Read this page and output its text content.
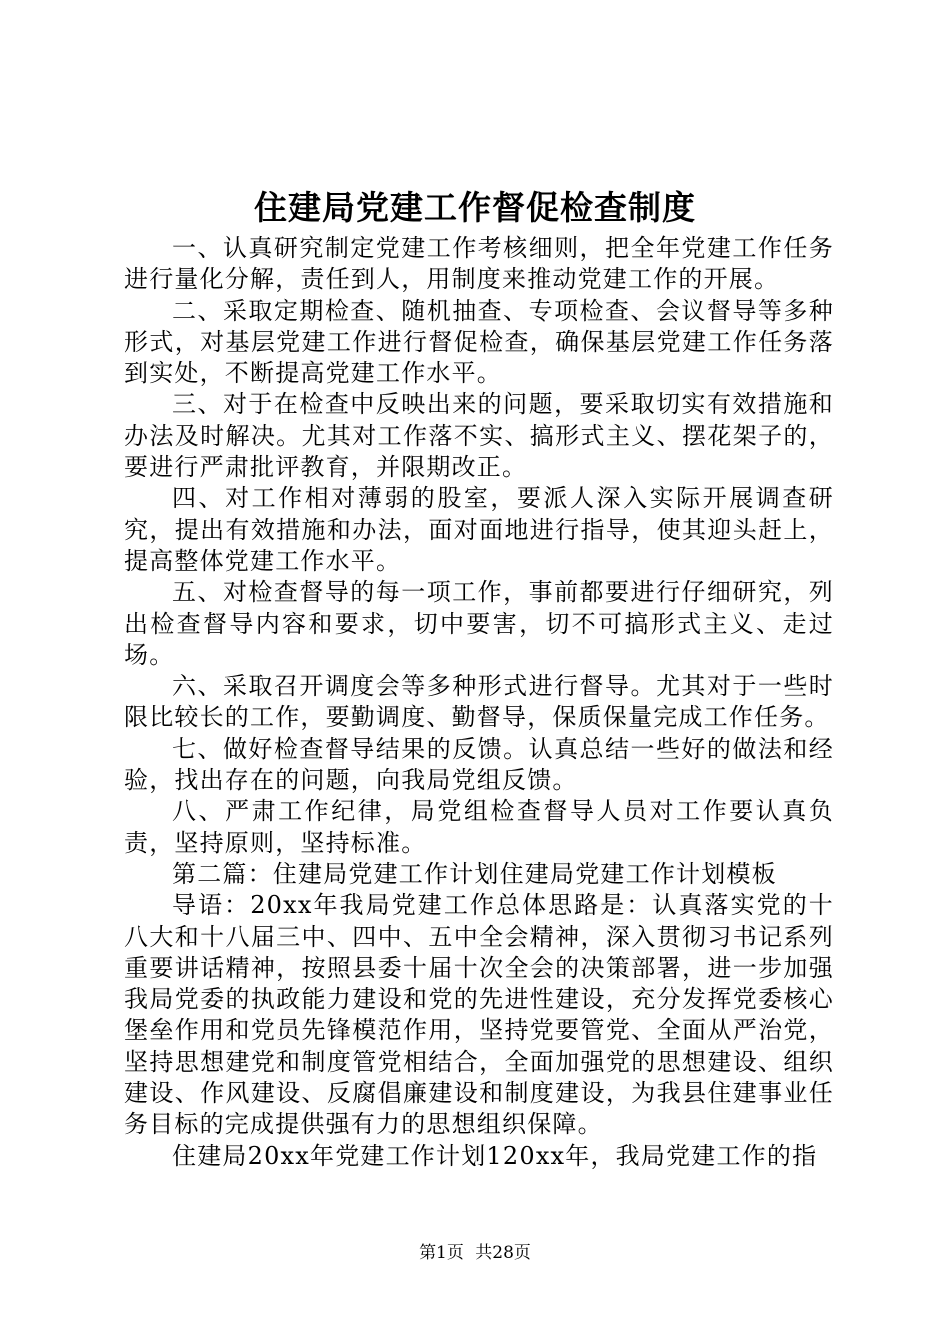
住建局党建工作督促检查制度

一、认真研究制定党建工作考核细则，把全年党建工作任务进行量化分解，责任到人，用制度来推动党建工作的开展。

二、采取定期检查、随机抽查、专项检查、会议督导等多种形式，对基层党建工作进行督促检查，确保基层党建工作任务落到实处，不断提高党建工作水平。

三、对于在检查中反映出来的问题，要采取切实有效措施和办法及时解决。尤其对工作落不实、搞形式主义、摆花架子的，要进行严肃批评教育，并限期改正。

四、对工作相对薄弱的股室，要派人深入实际开展调查研究，提出有效措施和办法，面对面地进行指导，使其迎头赶上，提高整体党建工作水平。

五、对检查督导的每一项工作，事前都要进行仔细研究，列出检查督导内容和要求，切中要害，切不可搞形式主义、走过场。

六、采取召开调度会等多种形式进行督导。尤其对于一些时限比较长的工作，要勤调度、勤督导，保质保量完成工作任务。

七、做好检查督导结果的反馈。认真总结一些好的做法和经验，找出存在的问题，向我局党组反馈。

八、严肃工作纪律，局党组检查督导人员对工作要认真负责，坚持原则，坚持标准。

第二篇：住建局党建工作计划住建局党建工作计划模板

导语：20xx年我局党建工作总体思路是：认真落实党的十八大和十八届三中、四中、五中全会精神，深入贯彻习书记系列重要讲话精神，按照县委十届十次全会的决策部署，进一步加强我局党委的执政能力建设和党的先进性建设，充分发挥党委核心堡垒作用和党员先锋模范作用，坚持党要管党、全面从严治党，坚持思想建党和制度管党相结合，全面加强党的思想建设、组织建设、作风建设、反腐倡廉建设和制度建设，为我县住建事业任务目标的完成提供强有力的思想组织保障。

住建局20xx年党建工作计划120xx年，我局党建工作的指

第1页 共28页
